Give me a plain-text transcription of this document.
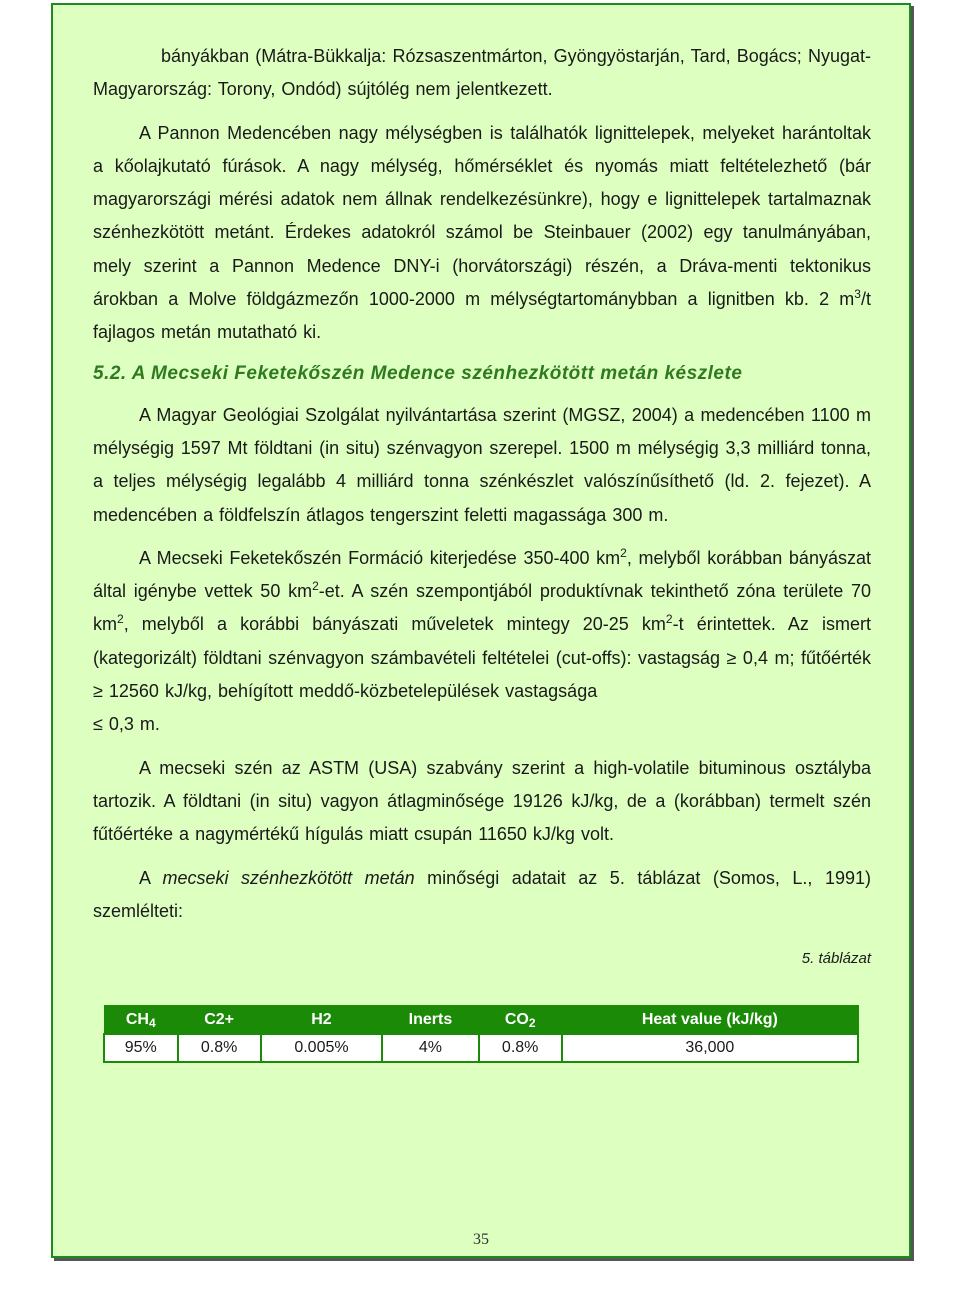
bányákban (Mátra-Bükkalja: Rózsaszentmárton, Gyöngyöstarján, Tard, Bogács; Nyugat-Magyarország: Torony, Ondód) sújtólég nem jelentkezett.

A Pannon Medencében nagy mélységben is találhatók lignittelepek, melyeket harántoltak a kőolajkutató fúrások. A nagy mélység, hőmérséklet és nyomás miatt feltételezhető (bár magyarországi mérési adatok nem állnak rendelkezésünkre), hogy e lignittelepek tartalmaznak szénhezkötött metánt. Érdekes adatokról számol be Steinbauer (2002) egy tanulmányában, mely szerint a Pannon Medence DNY-i (horvátországi) részén, a Dráva-menti tektonikus árokban a Molve földgázmezőn 1000-2000 m mélységtartománybban a lignitben kb. 2 $m^3/t$ fajlagos metán mutatható ki.

5.2. A Mecseki Feketekőszén Medence szénhezkötött metán készlete

A Magyar Geológiai Szolgálat nyilvántartása szerint (MGSZ, 2004) a medencében 1100 m mélységig 1597 Mt földtani (in situ) szénvagyon szerepel. 1500 m mélységig 3,3 milliárd tonna, a teljes mélységig legalább 4 milliárd tonna szénkészlet valószínűsíthető (ld. 2. fejezet). A medencében a földfelszín átlagos tengerszint feletti magassága 300 m.

A Mecseki Feketekőszén Formáció kiterjedése 350-400 $km^2$, melyből korábban bányászat által igénybe vettek 50 $km^2-et$. A szén szempontjából produktívnak tekinthető zóna területe 70 $km^2$, melyből a korábbi bányászati műveletek mintegy 20-25 $km^2-t$ érintettek. Az ismert (kategorizált) földtani szénvagyon számbavételi feltételei (cut-offs): vastagság ≥ 0,4 m; fűtőérték ≥ 12560 kJ/kg, behígított meddő-közbetelepülések vastagsága
≤ 0,3 m.

A mecseki szén az ASTM (USA) szabvány szerint a high-volatile bituminous osztályba tartozik. A földtani (in situ) vagyon átlagminősége 19126 kJ/kg, de a (korábban) termelt szén fűtőértéke a nagymértékű hígulás miatt csupán 11650 kJ/kg volt.

A mecseki szénhezkötött metán minőségi adatait az 5. táblázat (Somos, L., 1991) szemlélteti:

5. táblázat

$CH_4$	C2+	H2	Inerts	$CO_2$	Heat value (kJ/kg)
95%	0.8%	0.005%	4%	0.8%	36,000
35
